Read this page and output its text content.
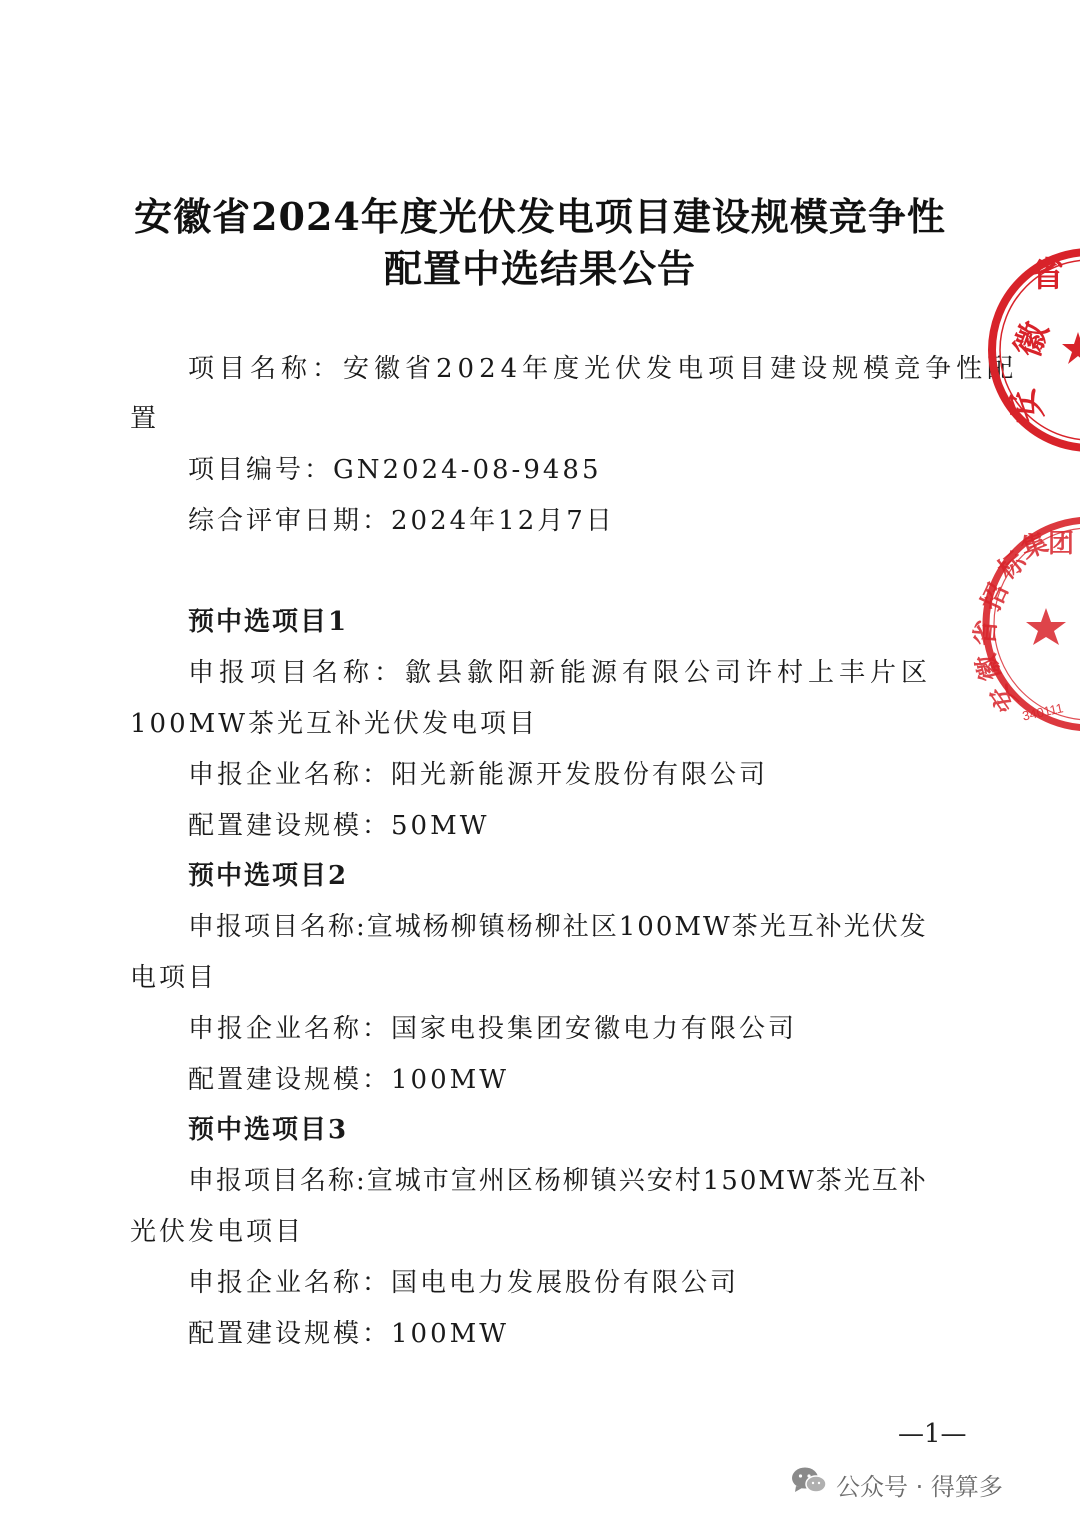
安徽省2024年度光伏发电项目建设规模竞争性
配置中选结果公告
项目名称：安徽省2024年度光伏发电项目建设规模竞争性配
置
项目编号：GN2024-08-9485
综合评审日期：2024年12月7日
预中选项目1
申报项目名称：歙县歙阳新能源有限公司许村上丰片区
100MW茶光互补光伏发电项目
申报企业名称：阳光新能源开发股份有限公司
配置建设规模：50MW
预中选项目2
申报项目名称:宣城杨柳镇杨柳社区100MW茶光互补光伏发
电项目
申报企业名称：国家电投集团安徽电力有限公司
配置建设规模：100MW
预中选项目3
申报项目名称:宣城市宣州区杨柳镇兴安村150MW茶光互补
光伏发电项目
申报企业名称：国电电力发展股份有限公司
配置建设规模：100MW
—1—
省
徽
安
团
集
标
招
省
徽
安
340111
公众号 · 得算多
